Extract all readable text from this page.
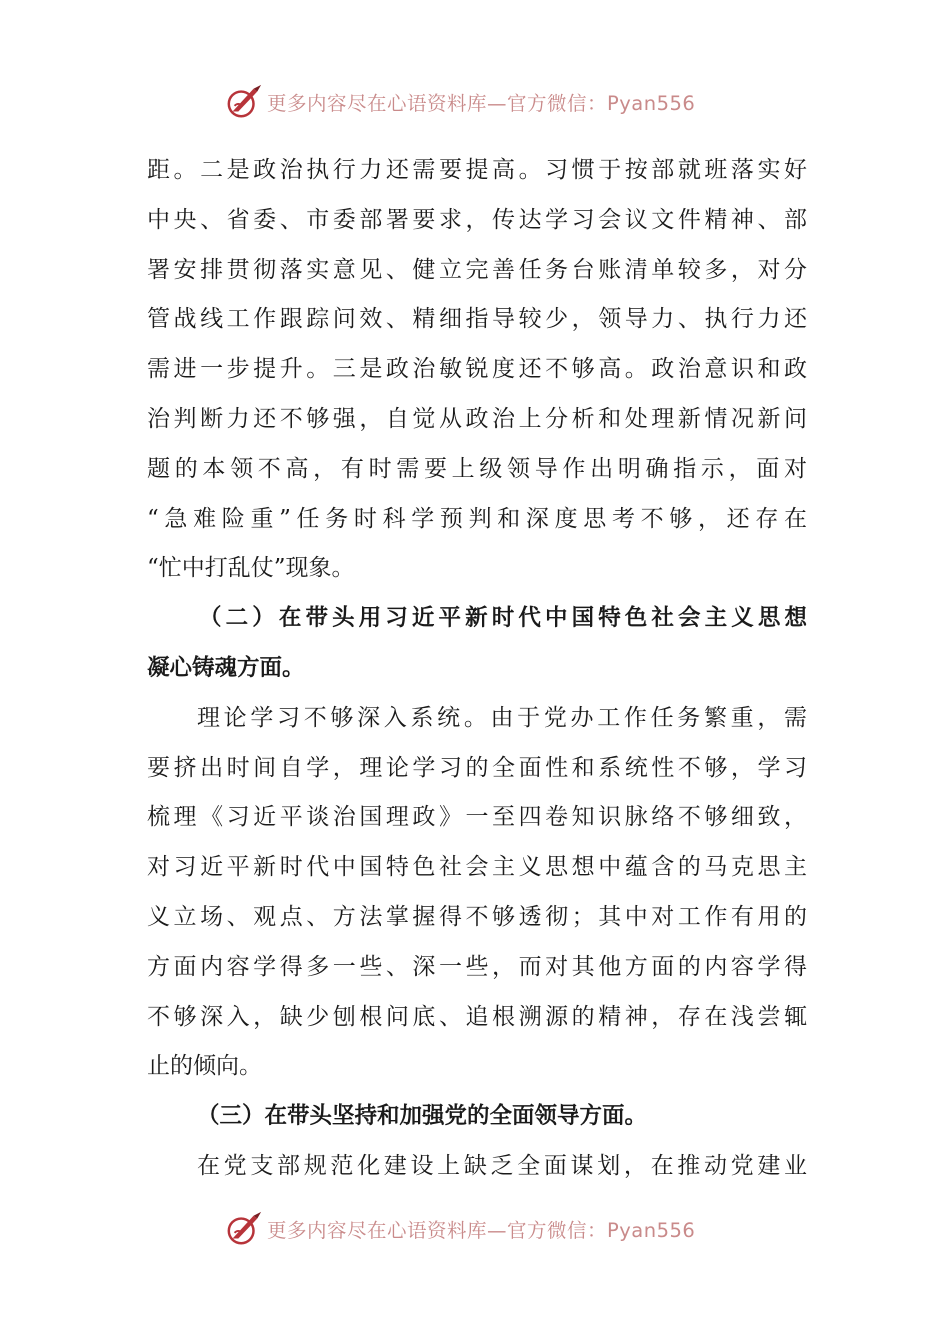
更多内容尽在心语资料库—官方微信：Pyan556
距。二是政治执行力还需要提高。习惯于按部就班落实好
中央、省委、市委部署要求，传达学习会议文件精神、部
署安排贯彻落实意见、健立完善任务台账清单较多，对分
管战线工作跟踪问效、精细指导较少，领导力、执行力还
需进一步提升。三是政治敏锐度还不够高。政治意识和政
治判断力还不够强，自觉从政治上分析和处理新情况新问
题的本领不高，有时需要上级领导作出明确指示，面对
“急难险重”任务时科学预判和深度思考不够，还存在
“忙中打乱仗”现象。
（二）在带头用习近平新时代中国特色社会主义思想
凝心铸魂方面。
理论学习不够深入系统。由于党办工作任务繁重，需
要挤出时间自学，理论学习的全面性和系统性不够，学习
梳理《习近平谈治国理政》一至四卷知识脉络不够细致，
对习近平新时代中国特色社会主义思想中蕴含的马克思主
义立场、观点、方法掌握得不够透彻；其中对工作有用的
方面内容学得多一些、深一些，而对其他方面的内容学得
不够深入，缺少刨根问底、追根溯源的精神，存在浅尝辄
止的倾向。
（三）在带头坚持和加强党的全面领导方面。
在党支部规范化建设上缺乏全面谋划，在推动党建业
更多内容尽在心语资料库—官方微信：Pyan556
